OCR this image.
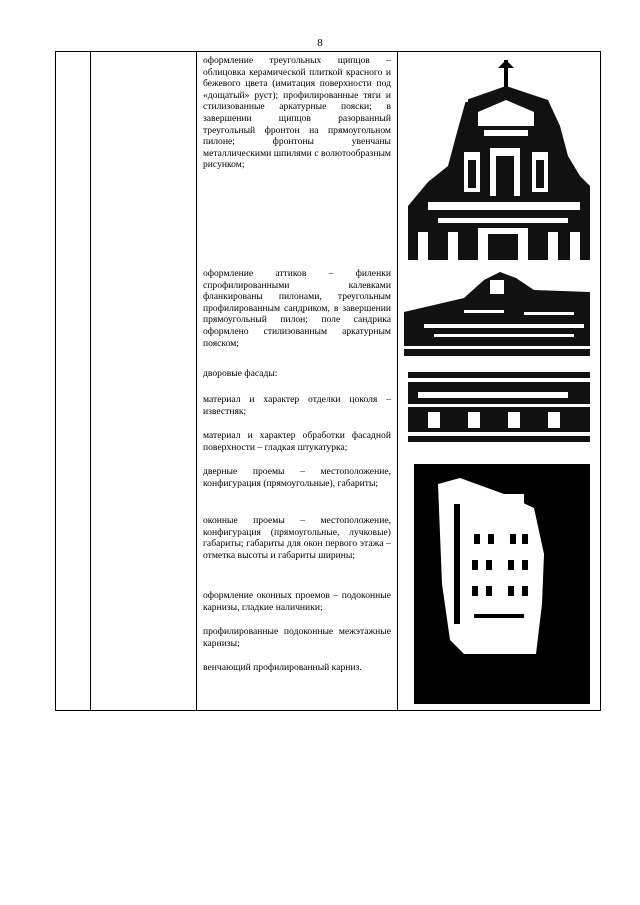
8
оформление треугольных щипцов – облицовка керамической плиткой красного и бежевого цвета (имитация поверхности под «дощатый» руст); профилированные тяги и стилизованные аркатурные пояски; в завершении щипцов разорванный треугольный фронтон на прямоугольном пилоне; фронтоны увенчаны металлическими шпилями с волютообразным рисунком;
оформление аттиков – филенки спрофилированными калевками фланкированы пилонами, треугольным профилированным сандриком, в завершении прямоугольный пилон; поле сандрика оформлено стилизованным аркатурным пояском;
дворовые фасады:
материал и характер отделки цоколя – известняк;
материал и характер обработки фасадной поверхности – гладкая штукатурка;
дверные проемы – местоположение, конфигурация (прямоугольные), габариты;
оконные проемы – местоположение, конфигурация (прямоугольные, лучковые) габариты; габариты для окон первого этажа – отметка высоты и габариты ширины;
оформление оконных проемов – подоконные карнизы, гладкие наличники;
профилированные подоконные межэтажные карнизы;
венчающий профилированный карниз.
